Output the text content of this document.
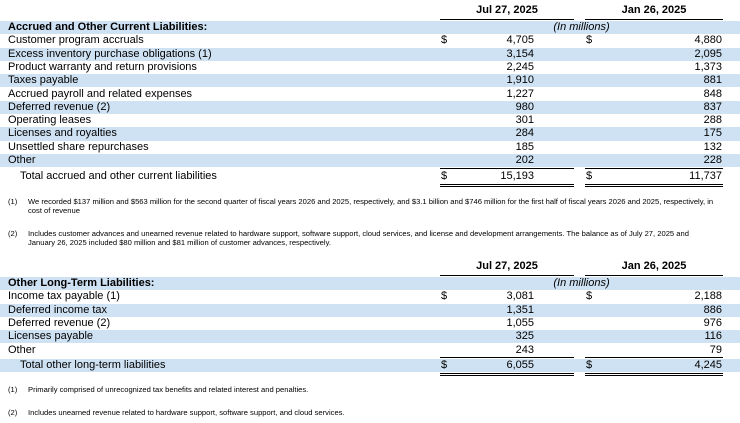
Jul 27, 2025	Jan 26, 2025
Accrued and Other Current Liabilities:	(In millions)
Customer program accruals	$	4,705	$	4,880
Excess inventory purchase obligations (1)	3,154	2,095
Product warranty and return provisions	2,245	1,373
Taxes payable	1,910	881
Accrued payroll and related expenses	1,227	848
Deferred revenue (2)	980	837
Operating leases	301	288
Licenses and royalties	284	175
Unsettled share repurchases	185	132
Other	202	228
Total accrued and other current liabilities	$	15,193	$	11,737
(1) We recorded $137 million and $563 million for the second quarter of fiscal years 2026 and 2025, respectively, and $3.1 billion and $746 million for the first half of fiscal years 2026 and 2025, respectively, in cost of revenue
(2) Includes customer advances and unearned revenue related to hardware support, software support, cloud services, and license and development arrangements. The balance as of July 27, 2025 and January 26, 2025 included $80 million and $81 million of customer advances, respectively.
Jul 27, 2025	Jan 26, 2025
Other Long-Term Liabilities:	(In millions)
Income tax payable (1)	$	3,081	$	2,188
Deferred income tax	1,351	886
Deferred revenue (2)	1,055	976
Licenses payable	325	116
Other	243	79
Total other long-term liabilities	$	6,055	$	4,245
(1) Primarily comprised of unrecognized tax benefits and related interest and penalties.
(2) Includes unearned revenue related to hardware support, software support, and cloud services.
